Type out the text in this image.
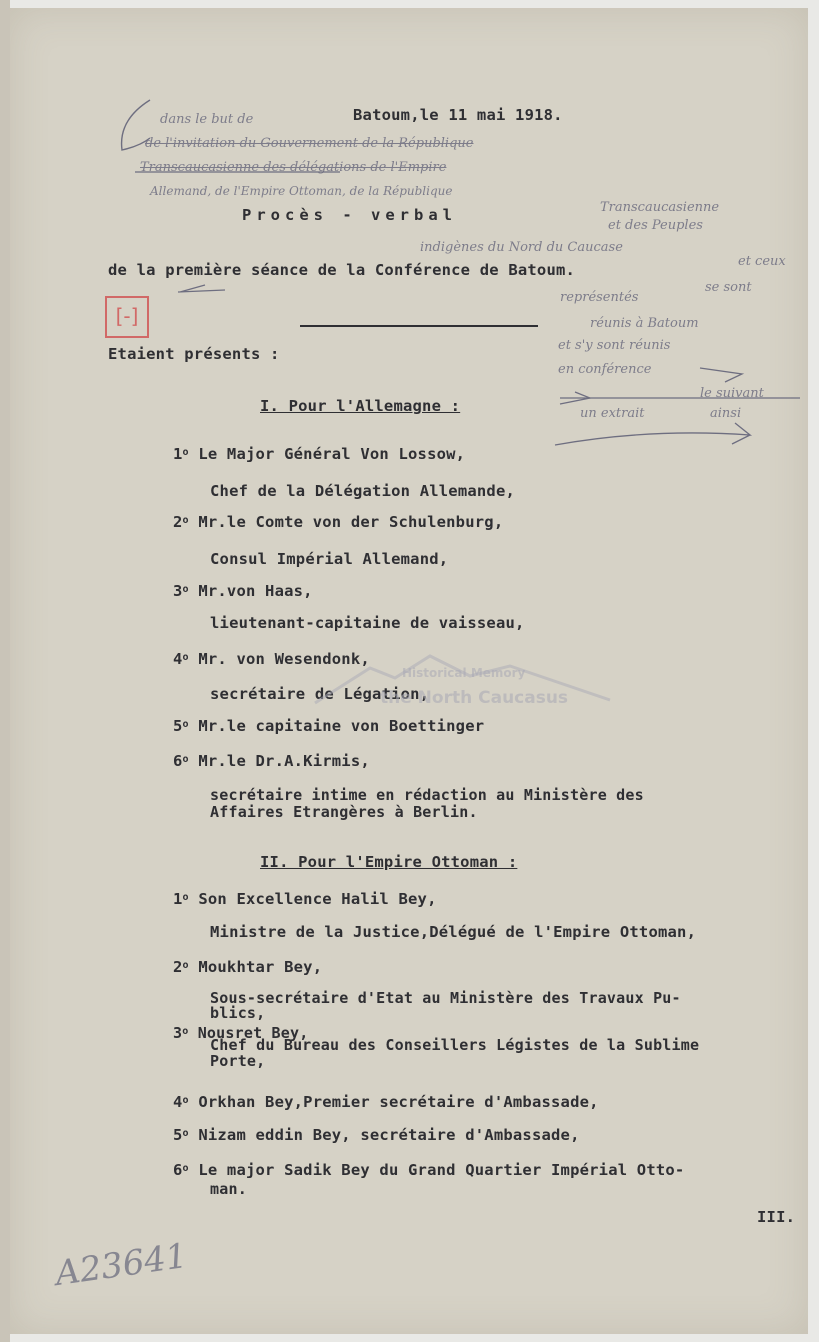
dans le but de
de l'invitation du Gouvernement de la République
Transcaucasienne des délégations de l'Empire
Allemand, de l'Empire Ottoman, de la République
Transcaucasienne
et des Peuples
indigènes du Nord du Caucase
et ceux
représentés
se sont
réunis à Batoum
et s'y sont réunis
en conférence
le suivant
un extrait	ainsi
[-]
Batoum,le 11 mai 1918.
Procès - verbal
de la première séance de la Conférence de Batoum.
Etaient présents :
I. Pour l'Allemagne :
1$^o$ Le Major Général Von Lossow,
Chef de la Délégation Allemande,
2$^o$ Mr.le Comte von der Schulenburg,
Consul Impérial Allemand,
3$^o$ Mr.von Haas,
lieutenant-capitaine de vaisseau,
4$^o$ Mr. von Wesendonk,
secrétaire de Légation,
5$^o$ Mr.le capitaine von Boettinger
6$^o$ Mr.le Dr.A.Kirmis,
secrétaire intime en rédaction au Ministère des
Affaires Etrangères à Berlin.
II. Pour l'Empire Ottoman :
1$^o$ Son Excellence Halil Bey,
Ministre de la Justice,Délégué de l'Empire Ottoman,
2$^o$ Moukhtar Bey,
Sous-secrétaire d'Etat au Ministère des Travaux Pu-
blics,
3$^o$ Nousret Bey,
Chef du Bureau des Conseillers Légistes de la Sublime
Porte,
4$^o$ Orkhan Bey,Premier secrétaire d'Ambassade,
5$^o$ Nizam eddin Bey, secrétaire d'Ambassade,
6$^o$ Le major Sadik Bey du Grand Quartier Impérial Otto-
man.
III.
A23641
Historical Memory
the North Caucasus
